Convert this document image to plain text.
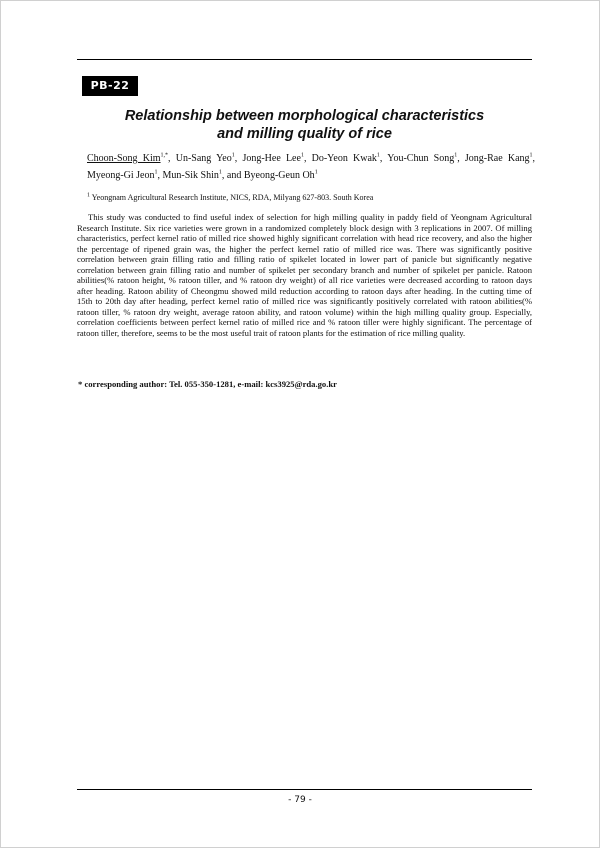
PB-22
Relationship between morphological characteristics
and milling quality of rice
Choon-Song Kim$^{1,*}$, Un-Sang Yeo$^1$, Jong-Hee Lee$^1$, Do-Yeon Kwak$^1$, You-Chun Song$^1$, Jong-Rae Kang$^1$, Myeong-Gi Jeon$^1$, Mun-Sik Shin$^1$, and Byeong-Geun Oh$^1$
$^1$ Yeongnam Agricultural Research Institute, NICS, RDA, Milyang 627-803. South Korea

This study was conducted to find useful index of selection for high milling quality in paddy field of Yeongnam Agricultural Research Institute. Six rice varieties were grown in a randomized completely block design with 3 replications in 2007. Of milling characteristics, perfect kernel ratio of milled rice showed highly significant correlation with head rice recovery, and also the higher the percentage of ripened grain was, the higher the perfect kernel ratio of milled rice was. There was significantly positive correlation between grain filling ratio and filling ratio of spikelet located in lower part of panicle but significantly negative correlation between grain filling ratio and number of spikelet per secondary branch and number of spikelet per panicle. Ratoon abilities(% ratoon height, % ratoon tiller, and % ratoon dry weight) of all rice varieties were decreased according to ratoon days after heading. Ratoon ability of Cheongmu showed mild reduction according to ratoon days after heading. In the cutting time of 15th to 20th day after heading, perfect kernel ratio of milled rice was significantly positively correlated with ratoon abilities(% ratoon tiller, % ratoon dry weight, average ratoon ability, and ratoon volume) within the high milling quality group. Especially, correlation coefficients between perfect kernel ratio of milled rice and % ratoon tiller were highly significant. The percentage of ratoon tiller, therefore, seems to be the most useful trait of ratoon plants for the estimation of rice milling quality.

* corresponding author: Tel. 055-350-1281, e-mail: kcs3925@rda.go.kr
- 79 -
